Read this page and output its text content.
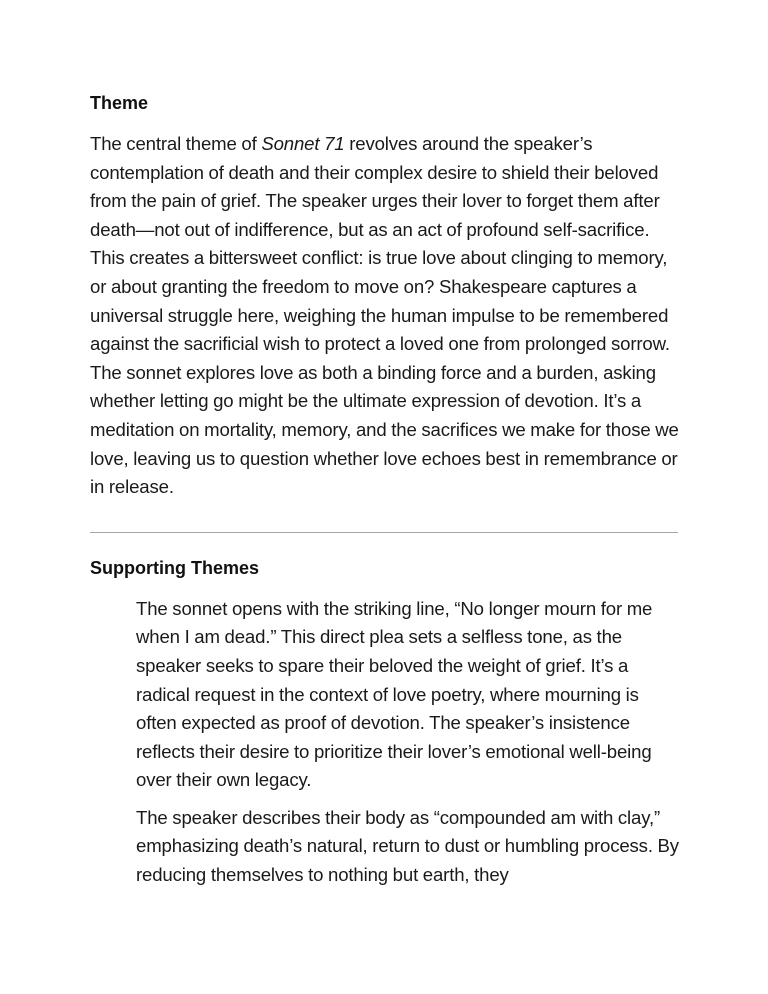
Theme

The central theme of Sonnet 71 revolves around the speaker’s contemplation of death and their complex desire to shield their beloved from the pain of grief. The speaker urges their lover to forget them after death—not out of indifference, but as an act of profound self-sacrifice. This creates a bittersweet conflict: is true love about clinging to memory, or about granting the freedom to move on? Shakespeare captures a universal struggle here, weighing the human impulse to be remembered against the sacrificial wish to protect a loved one from prolonged sorrow. The sonnet explores love as both a binding force and a burden, asking whether letting go might be the ultimate expression of devotion. It’s a meditation on mortality, memory, and the sacrifices we make for those we love, leaving us to question whether love echoes best in remembrance or in release.

Supporting Themes

The sonnet opens with the striking line, “No longer mourn for me when I am dead.” This direct plea sets a selfless tone, as the speaker seeks to spare their beloved the weight of grief. It’s a radical request in the context of love poetry, where mourning is often expected as proof of devotion. The speaker’s insistence reflects their desire to prioritize their lover’s emotional well-being over their own legacy.

The speaker describes their body as “compounded am with clay,” emphasizing death’s natural, return to dust or humbling process. By reducing themselves to nothing but earth, they
